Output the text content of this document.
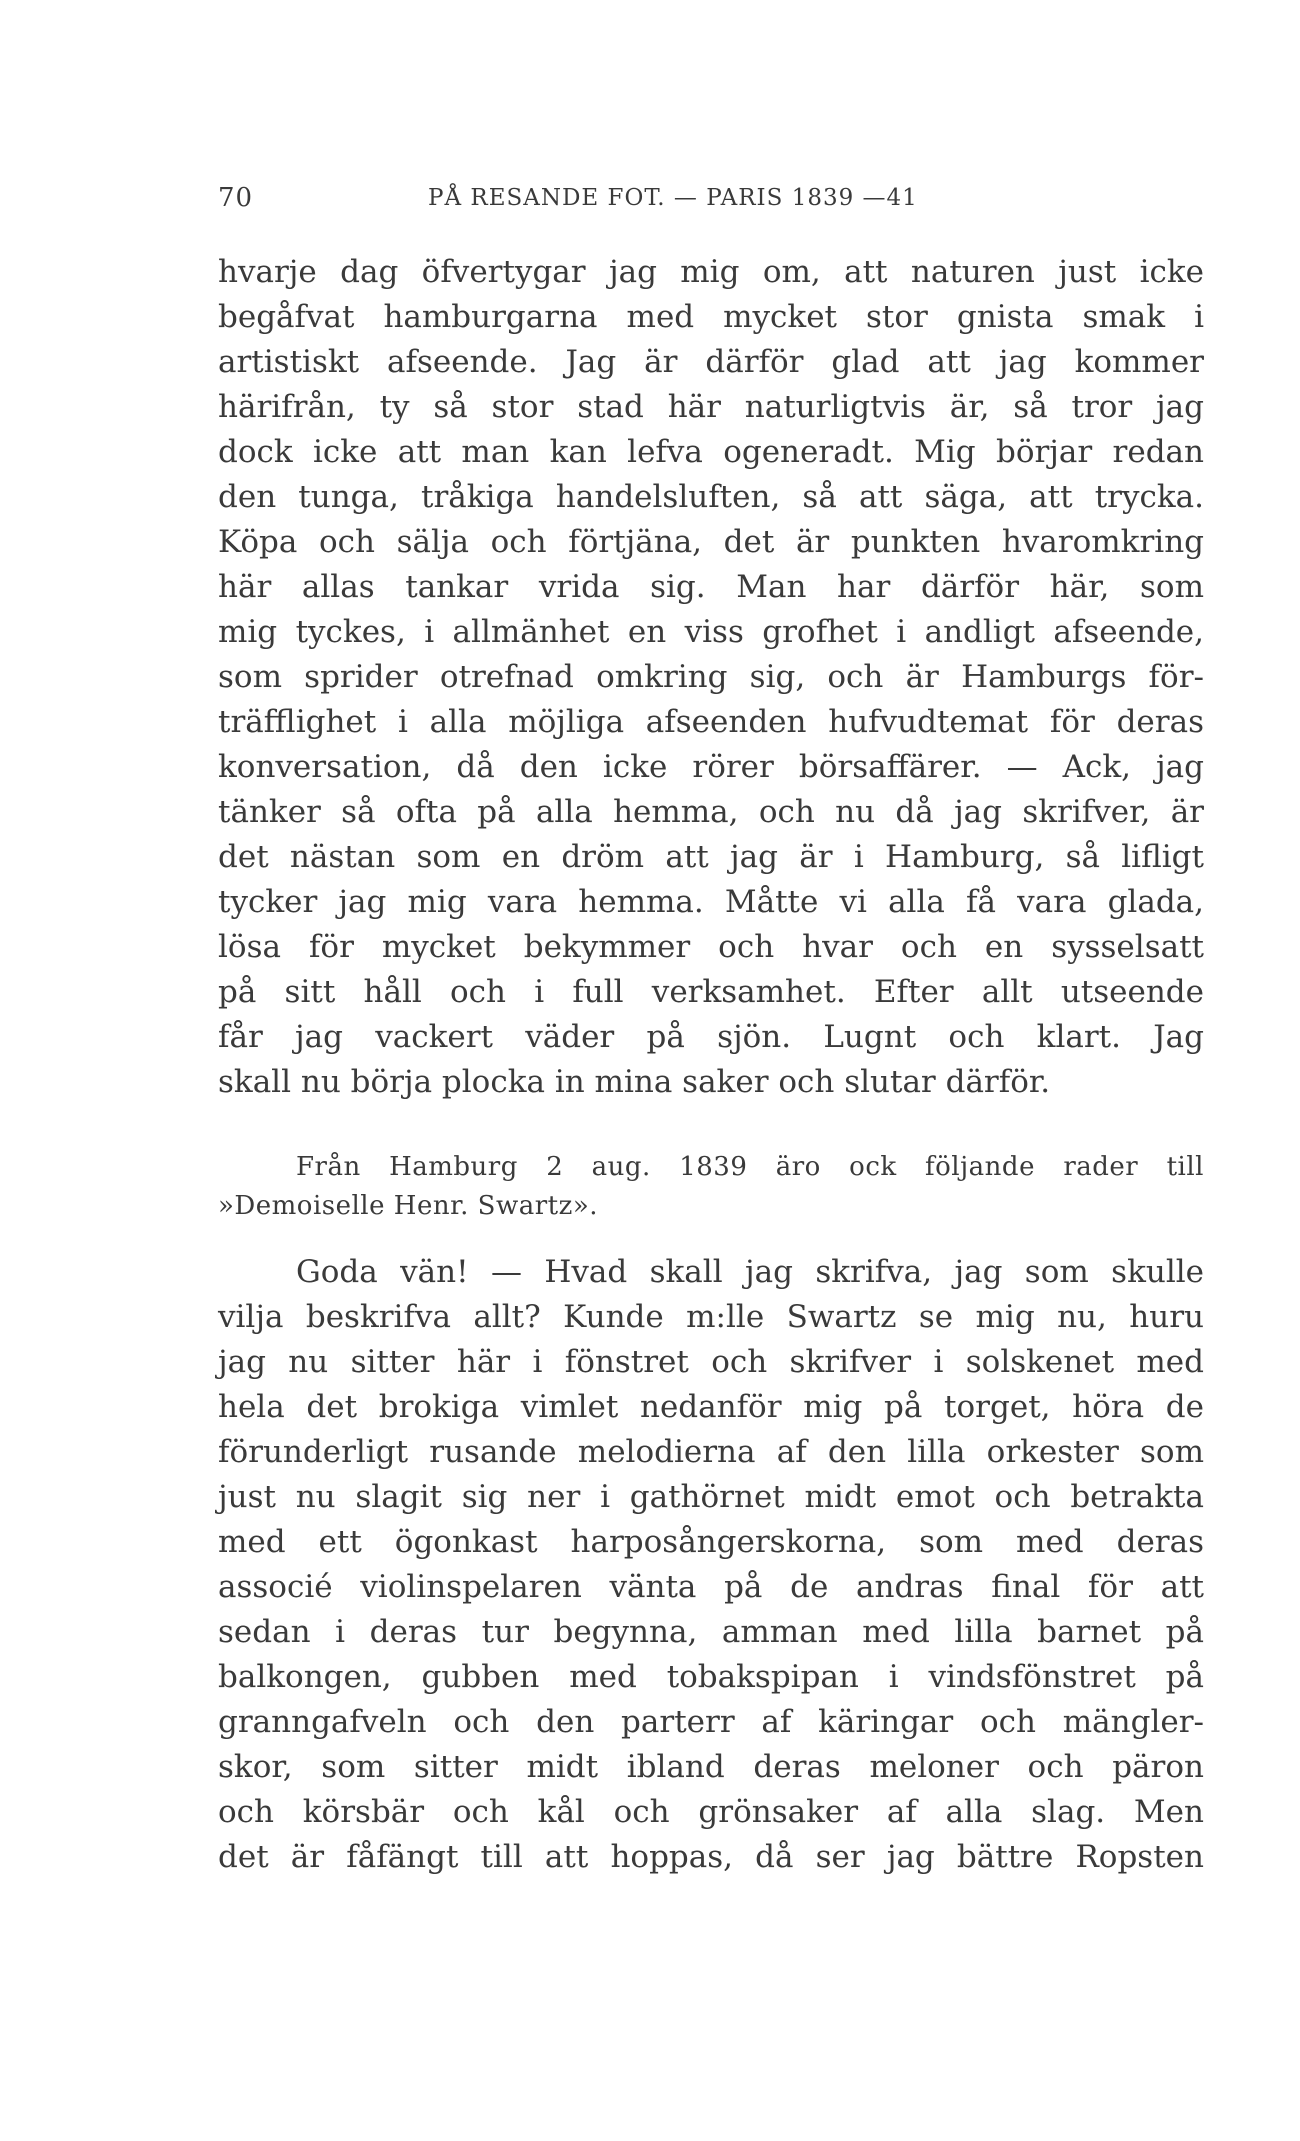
70	PÅ RESANDE FOT. — PARIS 1839 —41
hvarje dag öfvertygar jag mig om, att naturen just icke
begåfvat hamburgarna med mycket stor gnista smak i
artistiskt afseende. Jag är därför glad att jag kommer
härifrån, ty så stor stad här naturligtvis är, så tror jag
dock icke att man kan lefva ogeneradt. Mig börjar redan
den tunga, tråkiga handelsluften, så att säga, att trycka.
Köpa och sälja och förtjäna, det är punkten hvaromkring
här allas tankar vrida sig. Man har därför här, som
mig tyckes, i allmänhet en viss grofhet i andligt afseende,
som sprider otrefnad omkring sig, och är Hamburgs för-
träfflighet i alla möjliga afseenden hufvudtemat för deras
konversation, då den icke rörer börsaffärer. — Ack, jag
tänker så ofta på alla hemma, och nu då jag skrifver, är
det nästan som en dröm att jag är i Hamburg, så lifligt
tycker jag mig vara hemma. Måtte vi alla få vara glada,
lösa för mycket bekymmer och hvar och en sysselsatt
på sitt håll och i full verksamhet. Efter allt utseende
får jag vackert väder på sjön. Lugnt och klart. Jag
skall nu börja plocka in mina saker och slutar därför.
Från Hamburg 2 aug. 1839 äro ock följande rader till
»Demoiselle Henr. Swartz».
Goda vän! — Hvad skall jag skrifva, jag som skulle
vilja beskrifva allt? Kunde m:lle Swartz se mig nu, huru
jag nu sitter här i fönstret och skrifver i solskenet med
hela det brokiga vimlet nedanför mig på torget, höra de
förunderligt rusande melodierna af den lilla orkester som
just nu slagit sig ner i gathörnet midt emot och betrakta
med ett ögonkast harposångerskorna, som med deras
associé violinspelaren vänta på de andras final för att
sedan i deras tur begynna, amman med lilla barnet på
balkongen, gubben med tobakspipan i vindsfönstret på
granngafveln och den parterr af käringar och mängler-
skor, som sitter midt ibland deras meloner och päron
och körsbär och kål och grönsaker af alla slag. Men
det är fåfängt till att hoppas, då ser jag bättre Ropsten
